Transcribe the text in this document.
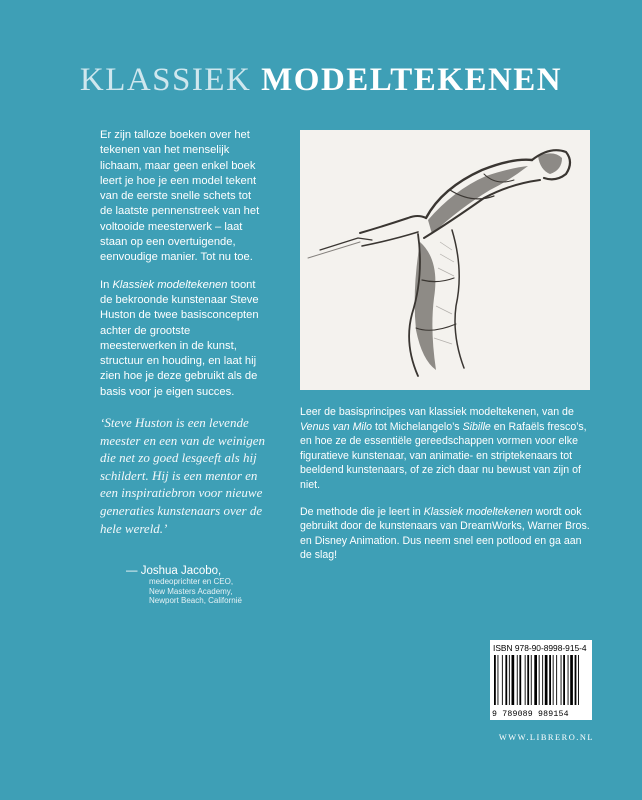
KLASSIEK MODELTEKENEN

Er zijn talloze boeken over het tekenen van het menselijk lichaam, maar geen enkel boek leert je hoe je een model tekent van de eerste snelle schets tot de laatste pennenstreek van het voltooide meesterwerk – laat staan op een overtuigende, eenvoudige manier. Tot nu toe.

In Klassiek modeltekenen toont de bekroonde kunstenaar Steve Huston de twee basisconcepten achter de grootste meesterwerken in de kunst, structuur en houding, en laat hij zien hoe je deze gebruikt als de basis voor je eigen succes.

Leer de basisprincipes van klassiek modeltekenen, van de Venus van Milo tot Michelangelo’s Sibille en Rafaëls fresco’s, en hoe ze de essentiële gereedschappen vormen voor elke figuratieve kunstenaar, van animatie- en striptekenaars tot beeldend kunstenaars, of ze zich daar nu bewust van zijn of niet.

De methode die je leert in Klassiek modeltekenen wordt ook gebruikt door de kunstenaars van DreamWorks, Warner Bros. en Disney Animation. Dus neem snel een potlood en ga aan de slag!

‘Steve Huston is een levende meester en een van de weinigen die net zo goed lesgeeft als hij schildert. Hij is een mentor en een inspiratiebron voor nieuwe generaties kunstenaars over de hele wereld.’
— Joshua Jacobo,
medeoprichter en CEO,
New Masters Academy,
Newport Beach, Californië
ISBN 978-90-8998-915-4
9 789089 989154
WWW.LIBRERO.NL
